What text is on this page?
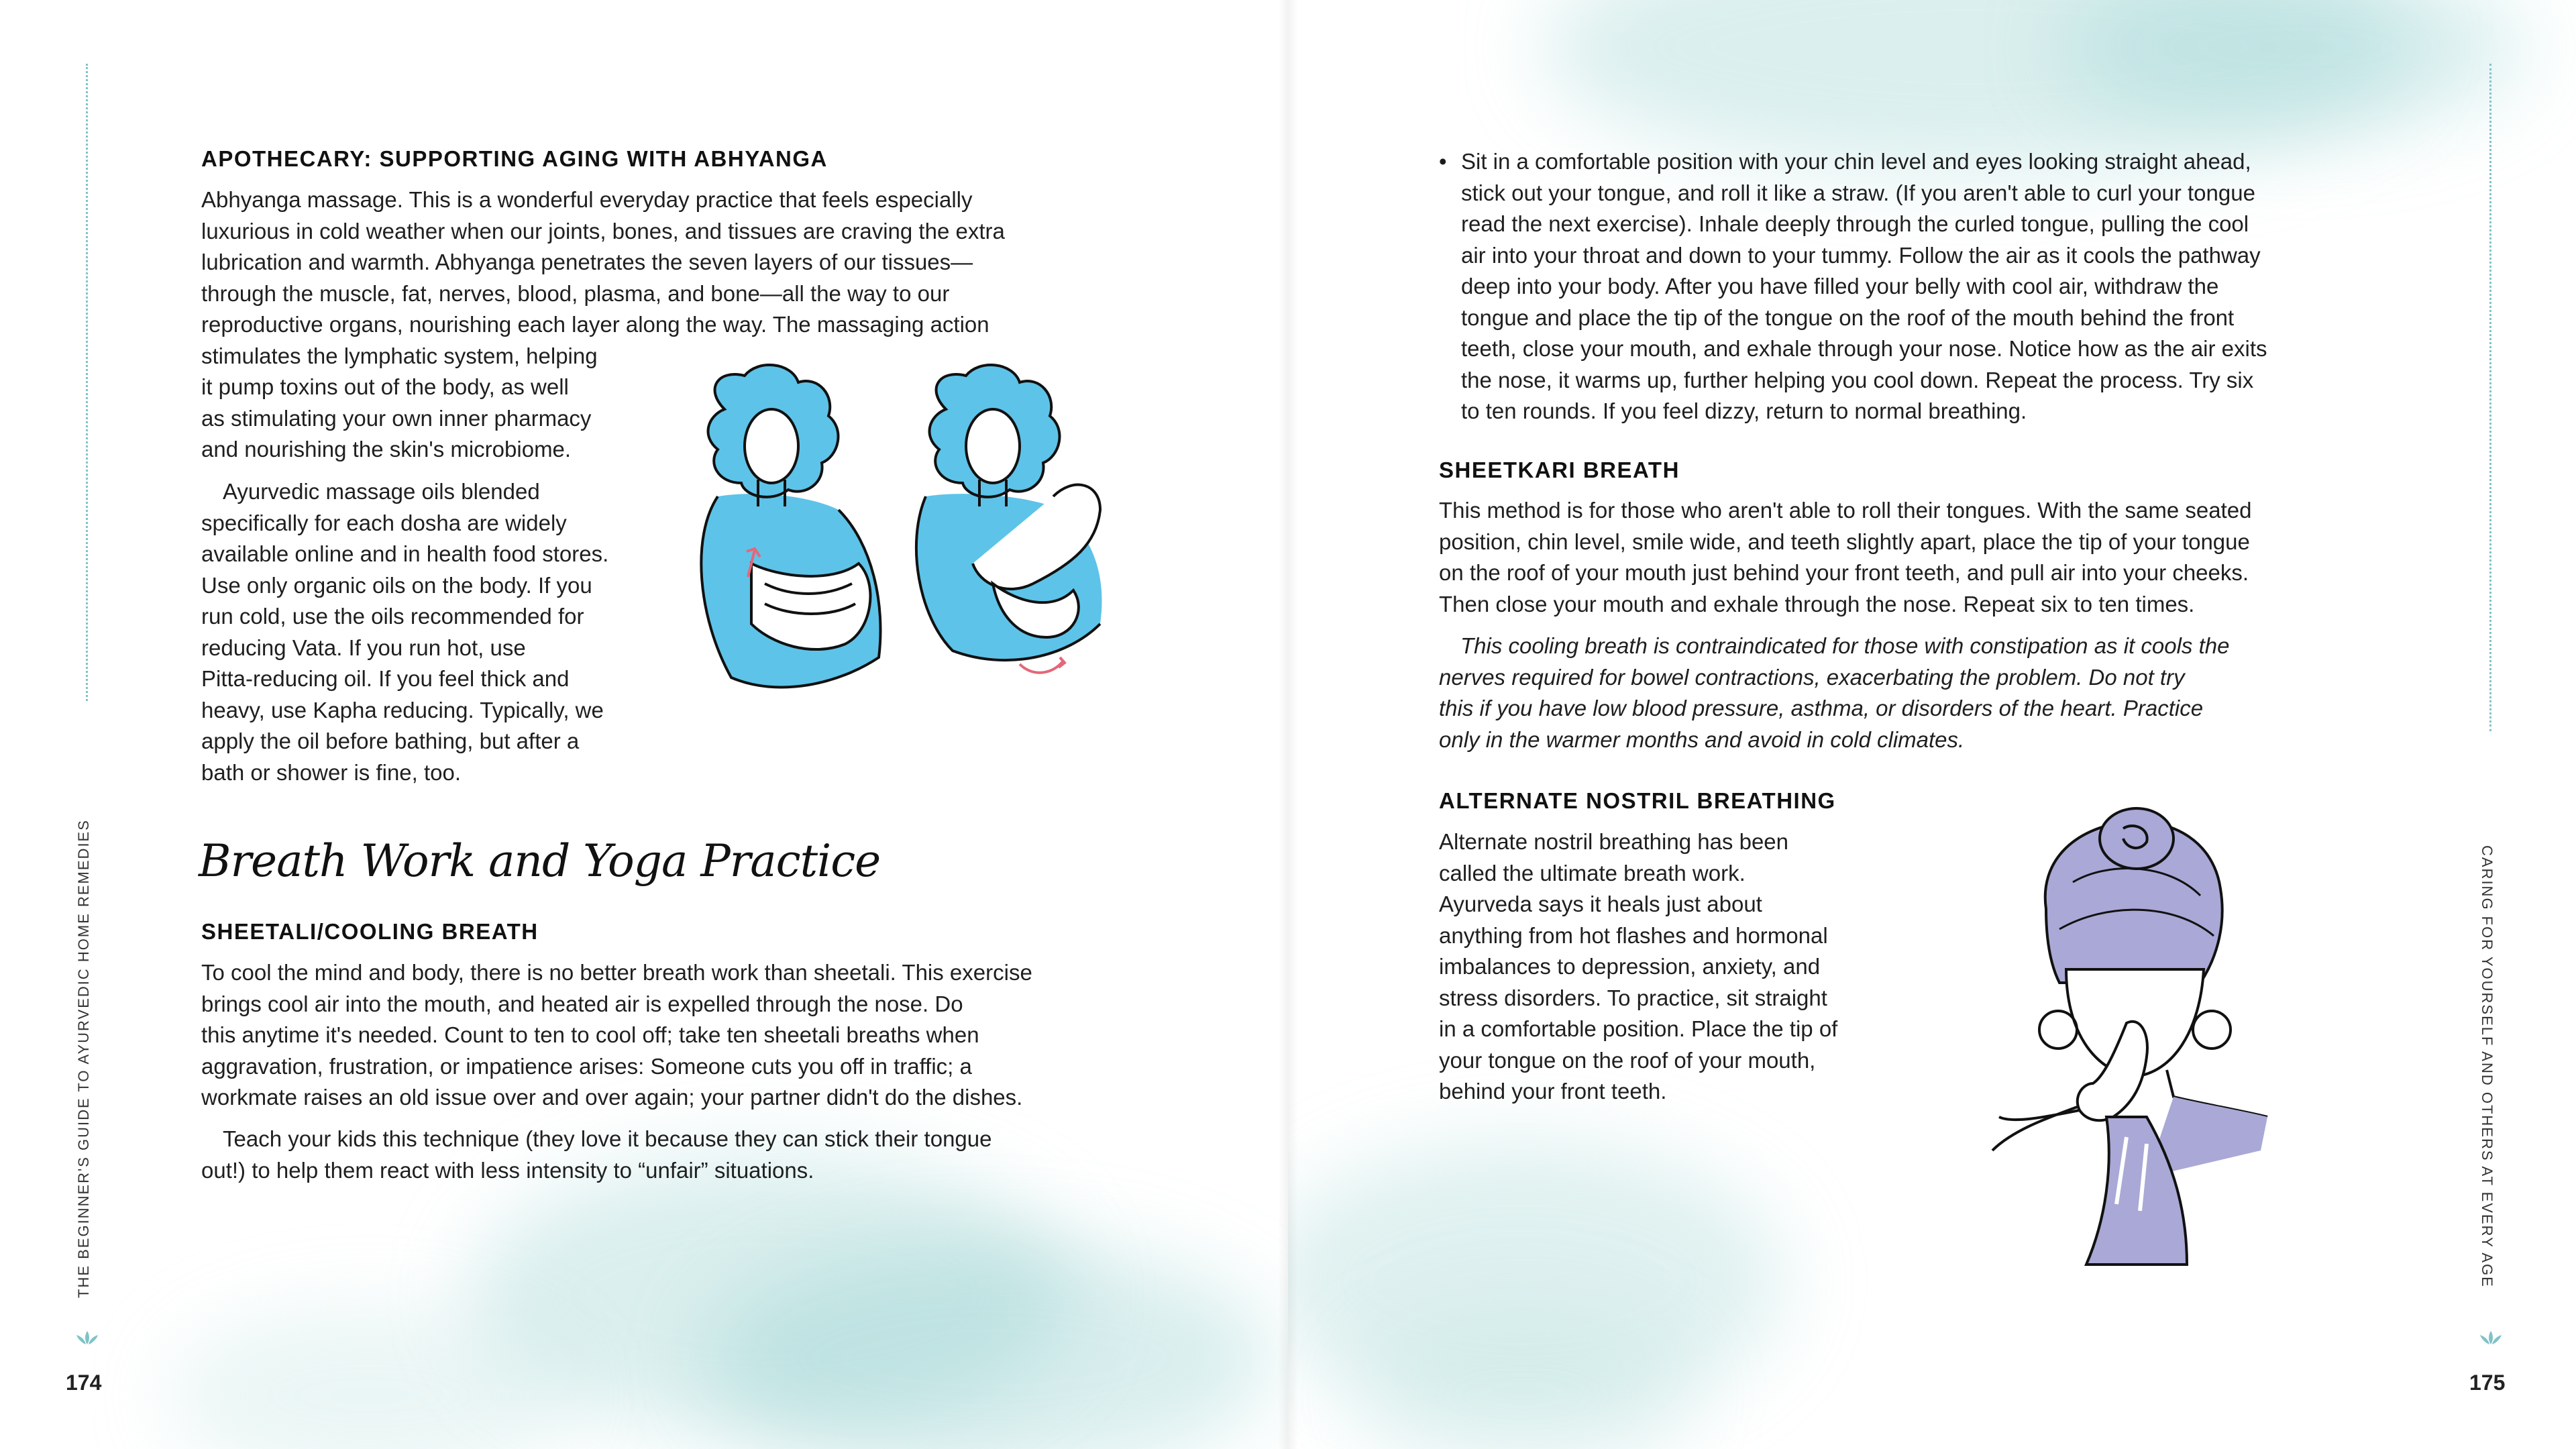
THE BEGINNER'S GUIDE TO AYURVEDIC HOME REMEDIES
174
APOTHECARY: SUPPORTING AGING WITH ABHYANGA
Abhyanga massage. This is a wonderful everyday practice that feels especially
luxurious in cold weather when our joints, bones, and tissues are craving the extra
lubrication and warmth. Abhyanga penetrates the seven layers of our tissues—
through the muscle, fat, nerves, blood, plasma, and bone—all the way to our
reproductive organs, nourishing each layer along the way. The massaging action
stimulates the lymphatic system, helping
it pump toxins out of the body, as well
as stimulating your own inner pharmacy
and nourishing the skin's microbiome.
Ayurvedic massage oils blended
specifically for each dosha are widely
available online and in health food stores.
Use only organic oils on the body. If you
run cold, use the oils recommended for
reducing Vata. If you run hot, use
Pitta-reducing oil. If you feel thick and
heavy, use Kapha reducing. Typically, we
apply the oil before bathing, but after a
bath or shower is fine, too.
Breath Work and Yoga Practice
SHEETALI/COOLING BREATH
To cool the mind and body, there is no better breath work than sheetali. This exercise
brings cool air into the mouth, and heated air is expelled through the nose. Do
this anytime it's needed. Count to ten to cool off; take ten sheetali breaths when
aggravation, frustration, or impatience arises: Someone cuts you off in traffic; a
workmate raises an old issue over and over again; your partner didn't do the dishes.
Teach your kids this technique (they love it because they can stick their tongue
out!) to help them react with less intensity to “unfair” situations.	CARING FOR YOURSELF AND OTHERS AT EVERY AGE
175
• Sit in a comfortable position with your chin level and eyes looking straight ahead,
stick out your tongue, and roll it like a straw. (If you aren't able to curl your tongue
read the next exercise). Inhale deeply through the curled tongue, pulling the cool
air into your throat and down to your tummy. Follow the air as it cools the pathway
deep into your body. After you have filled your belly with cool air, withdraw the
tongue and place the tip of the tongue on the roof of the mouth behind the front
teeth, close your mouth, and exhale through your nose. Notice how as the air exits
the nose, it warms up, further helping you cool down. Repeat the process. Try six
to ten rounds. If you feel dizzy, return to normal breathing.
SHEETKARI BREATH
This method is for those who aren't able to roll their tongues. With the same seated
position, chin level, smile wide, and teeth slightly apart, place the tip of your tongue
on the roof of your mouth just behind your front teeth, and pull air into your cheeks.
Then close your mouth and exhale through the nose. Repeat six to ten times.
This cooling breath is contraindicated for those with constipation as it cools the
nerves required for bowel contractions, exacerbating the problem. Do not try
this if you have low blood pressure, asthma, or disorders of the heart. Practice
only in the warmer months and avoid in cold climates.
ALTERNATE NOSTRIL BREATHING
Alternate nostril breathing has been
called the ultimate breath work.
Ayurveda says it heals just about
anything from hot flashes and hormonal
imbalances to depression, anxiety, and
stress disorders. To practice, sit straight
in a comfortable position. Place the tip of
your tongue on the roof of your mouth,
behind your front teeth.
